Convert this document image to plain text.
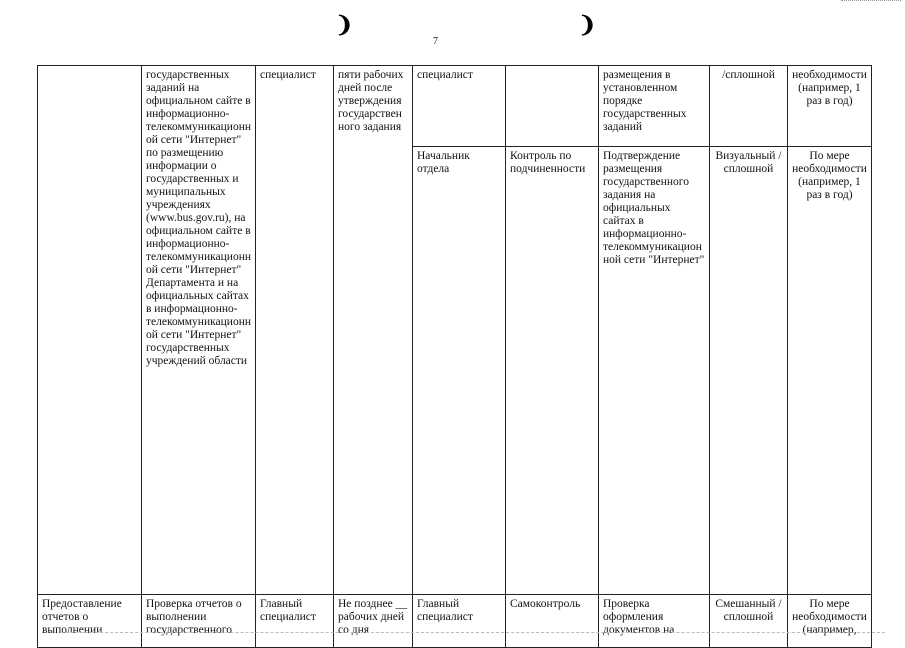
❩	❩
7
	государственных заданий на официальном сайте в информационно-телекоммуникационной сети "Интернет" по размещению информации о государственных и муниципальных учреждениях (www.bus.gov.ru), на официальном сайте в информационно-телекоммуникационной сети "Интернет" Департамента и на официальных сайтах в информационно-телекоммуникационной сети "Интернет" государственных учреждений области	специалист	пяти рабочих дней после утверждения государственного задания	специалист		размещения в установленном порядке государственных заданий	/сплошной	необходимости (например, 1 раз в год)
				Начальник отдела	Контроль по подчиненности	Подтверждение размещения государственного задания на официальных сайтах в информационно-телекоммуникационной сети "Интернет"	Визуальный /сплошной	По мере необходимости (например, 1 раз в год)
Предоставление отчетов о выполнении	Проверка отчетов о выполнении государственного	Главный специалист	Не позднее __ рабочих дней со дня	Главный специалист	Самоконтроль	Проверка оформления документов на	Смешанный /сплошной	По мере необходимости (например,
